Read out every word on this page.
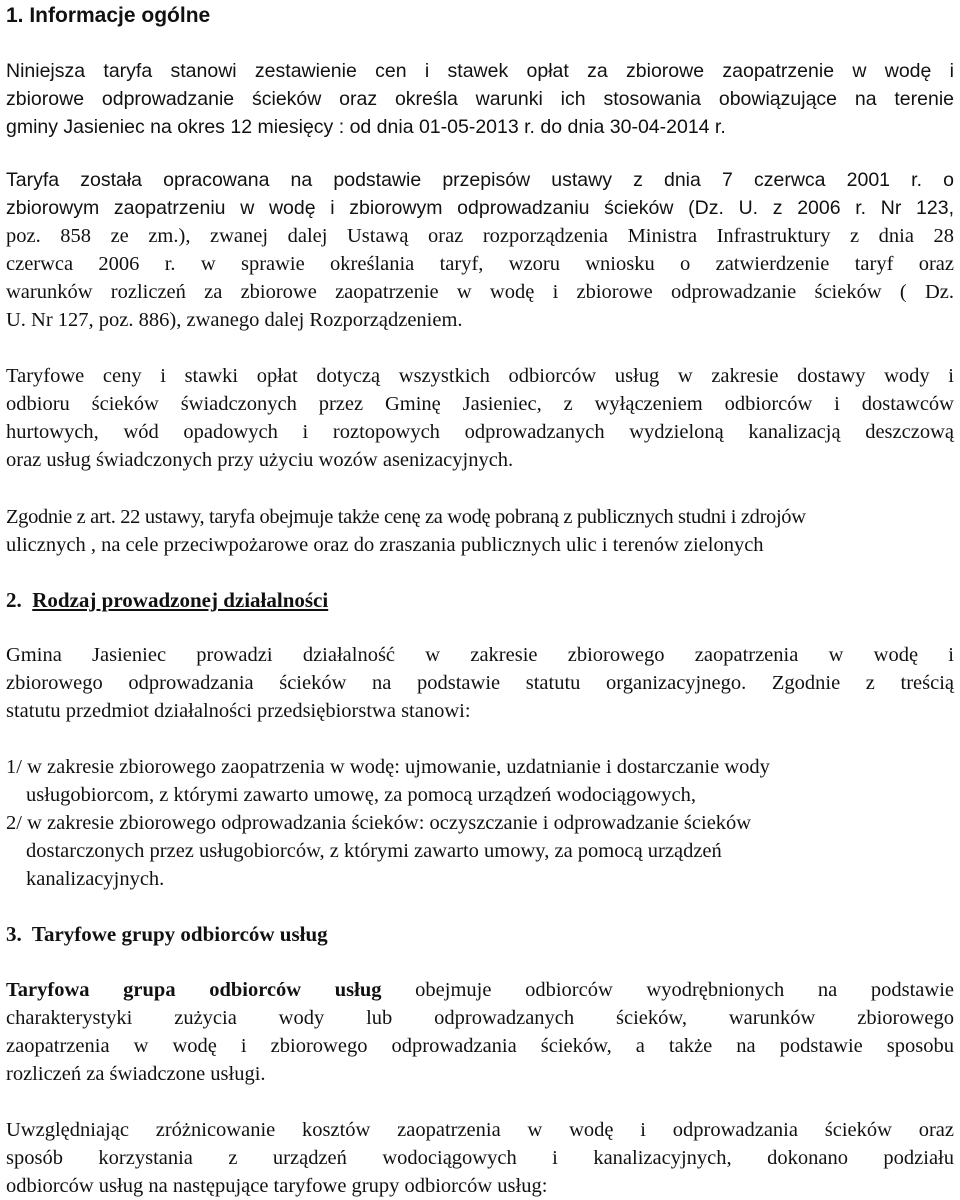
1. Informacje ogólne
Niniejsza taryfa stanowi zestawienie cen i stawek opłat za zbiorowe zaopatrzenie w wodę i
zbiorowe odprowadzanie ścieków oraz określa warunki ich stosowania obowiązujące na terenie
gminy Jasieniec na okres 12 miesięcy : od dnia 01-05-2013 r. do dnia 30-04-2014 r.
Taryfa została opracowana na podstawie przepisów ustawy z dnia 7 czerwca 2001 r. o
zbiorowym zaopatrzeniu w wodę i zbiorowym odprowadzaniu ścieków (Dz. U. z 2006 r. Nr 123,
poz. 858 ze zm.), zwanej dalej Ustawą oraz rozporządzenia Ministra Infrastruktury z dnia 28
czerwca 2006 r. w sprawie określania taryf, wzoru wniosku o zatwierdzenie taryf oraz
warunków rozliczeń za zbiorowe zaopatrzenie w wodę i zbiorowe odprowadzanie ścieków ( Dz.
U. Nr 127, poz. 886), zwanego dalej Rozporządzeniem.
Taryfowe ceny i stawki opłat dotyczą wszystkich odbiorców usług w zakresie dostawy wody i
odbioru ścieków świadczonych przez Gminę Jasieniec, z wyłączeniem odbiorców i dostawców
hurtowych, wód opadowych i roztopowych odprowadzanych wydzieloną kanalizacją deszczową
oraz usług świadczonych przy użyciu wozów asenizacyjnych.
Zgodnie z art. 22 ustawy, taryfa obejmuje także cenę za wodę pobraną z publicznych studni i zdrojów
ulicznych , na cele przeciwpożarowe oraz do zraszania publicznych ulic i terenów zielonych
2. Rodzaj prowadzonej działalności
Gmina Jasieniec prowadzi działalność w zakresie zbiorowego zaopatrzenia w wodę i
zbiorowego odprowadzania ścieków na podstawie statutu organizacyjnego. Zgodnie z treścią
statutu przedmiot działalności przedsiębiorstwa stanowi:
1/ w zakresie zbiorowego zaopatrzenia w wodę: ujmowanie, uzdatnianie i dostarczanie wody
usługobiorcom, z którymi zawarto umowę, za pomocą urządzeń wodociągowych,
2/ w zakresie zbiorowego odprowadzania ścieków: oczyszczanie i odprowadzanie ścieków
dostarczonych przez usługobiorców, z którymi zawarto umowy, za pomocą urządzeń
kanalizacyjnych.
3. Taryfowe grupy odbiorców usług
Taryfowa grupa odbiorców usług obejmuje odbiorców wyodrębnionych na podstawie
charakterystyki zużycia wody lub odprowadzanych ścieków, warunków zbiorowego
zaopatrzenia w wodę i zbiorowego odprowadzania ścieków, a także na podstawie sposobu
rozliczeń za świadczone usługi.
Uwzględniając zróżnicowanie kosztów zaopatrzenia w wodę i odprowadzania ścieków oraz
sposób korzystania z urządzeń wodociągowych i kanalizacyjnych, dokonano podziału
odbiorców usług na następujące taryfowe grupy odbiorców usług:
